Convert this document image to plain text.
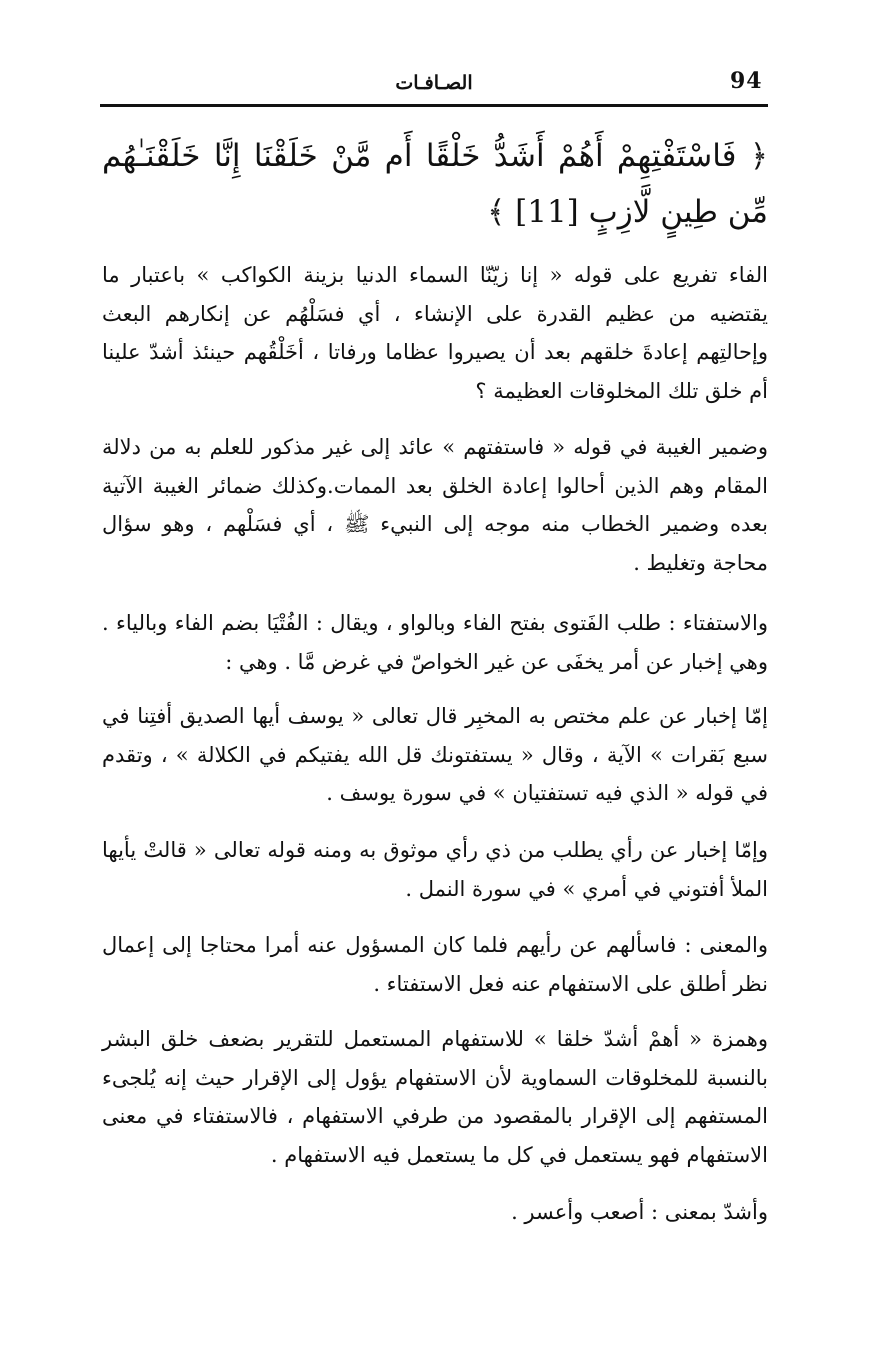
94
الصـافـات
﴿ فَاسْتَفْتِهِمْ أَهُمْ أَشَدُّ خَلْقًا أَم مَّنْ خَلَقْنَا إِنَّا خَلَقْنَـٰهُم مِّن طِينٍ لَّازِبٍ [11] ﴾
الفاء تفريع على قوله « إنا زيّنّا السماء الدنيا بزينة الكواكب » باعتبار ما يقتضيه من عظيم القدرة على الإنشاء ، أي فسَلْهُم عن إنكارهم البعث وإحالتِهم إعادةَ خلقهم بعد أن يصيروا عظاما ورفاتا ، أخَلْقُهم حينئذ أشدّ علينا أم خلق تلك المخلوقات العظيمة ؟
وضمير الغيبة في قوله « فاستفتهم » عائد إلى غير مذكور للعلم به من دلالة المقام وهم الذين أحالوا إعادة الخلق بعد الممات.وكذلك ضمائر الغيبة الآتية بعده وضمير الخطاب منه موجه إلى النبيء ﷺ ، أي فسَلْهم ، وهو سؤال محاجة وتغليط .
والاستفتاء : طلب الفَتوى بفتح الفاء وبالواو ، ويقال : الفُتْيَا بضم الفاء وبالياء . وهي إخبار عن أمر يخفَى عن غير الخواصّ في غرض مَّا . وهي :
إمّا إخبار عن علم مختص به المخبِر قال تعالى « يوسف أيها الصديق أفتِنا في سبع بَقرات » الآية ، وقال « يستفتونك قل الله يفتيكم في الكلالة » ، وتقدم في قوله « الذي فيه تستفتيان » في سورة يوسف .
وإمّا إخبار عن رأي يطلب من ذي رأي موثوق به ومنه قوله تعالى « قالتْ يأيها الملأ أفتوني في أمري » في سورة النمل .
والمعنى : فاسألهم عن رأيهم فلما كان المسؤول عنه أمرا محتاجا إلى إعمال نظر أطلق على الاستفهام عنه فعل الاستفتاء .
وهمزة « أهمْ أشدّ خلقا » للاستفهام المستعمل للتقرير بضعف خلق البشر بالنسبة للمخلوقات السماوية لأن الاستفهام يؤول إلى الإقرار حيث إنه يُلجىء المستفهم إلى الإقرار بالمقصود من طرفي الاستفهام ، فالاستفتاء في معنى الاستفهام فهو يستعمل في كل ما يستعمل فيه الاستفهام .
وأشدّ بمعنى : أصعب وأعسر .
